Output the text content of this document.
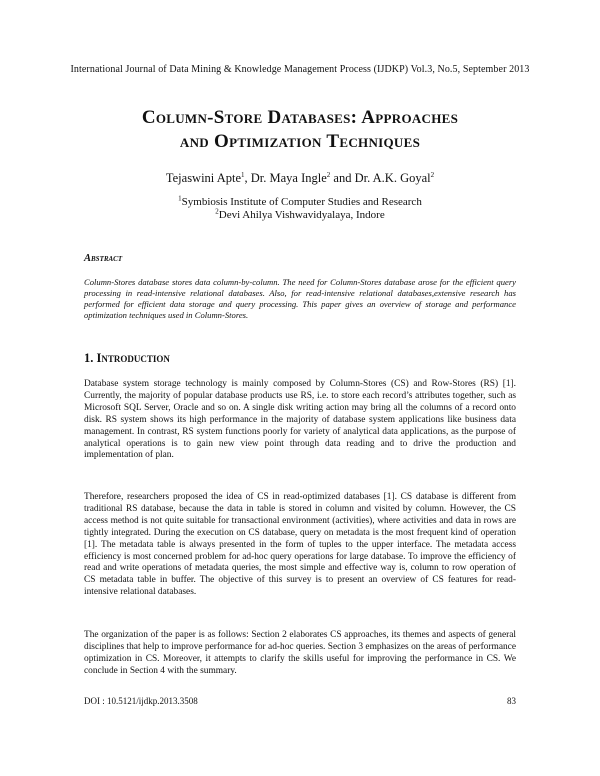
International Journal of Data Mining & Knowledge Management Process (IJDKP) Vol.3, No.5, September 2013
Column-Store Databases: Approaches
and Optimization Techniques
Tejaswini Apte$^1$, Dr. Maya Ingle$^2$ and Dr. A.K. Goyal$^2$
$^1$Symbiosis Institute of Computer Studies and Research
$^2$Devi Ahilya Vishwavidyalaya, Indore
Abstract
Column-Stores database stores data column-by-column. The need for Column-Stores database arose for the efficient query processing in read-intensive relational databases. Also, for read-intensive relational databases,extensive research has performed for efficient data storage and query processing. This paper gives an overview of storage and performance optimization techniques used in Column-Stores.
1. Introduction

Database system storage technology is mainly composed by Column-Stores (CS) and Row-Stores (RS) [1]. Currently, the majority of popular database products use RS, i.e. to store each record’s attributes together, such as Microsoft SQL Server, Oracle and so on. A single disk writing action may bring all the columns of a record onto disk. RS system shows its high performance in the majority of database system applications like business data management. In contrast, RS system functions poorly for variety of analytical data applications, as the purpose of analytical operations is to gain new view point through data reading and to drive the production and implementation of plan.

Therefore, researchers proposed the idea of CS in read-optimized databases [1]. CS database is different from traditional RS database, because the data in table is stored in column and visited by column. However, the CS access method is not quite suitable for transactional environment (activities), where activities and data in rows are tightly integrated. During the execution on CS database, query on metadata is the most frequent kind of operation [1]. The metadata table is always presented in the form of tuples to the upper interface. The metadata access efficiency is most concerned problem for ad-hoc query operations for large database. To improve the efficiency of read and write operations of metadata queries, the most simple and effective way is, column to row operation of CS metadata table in buffer. The objective of this survey is to present an overview of CS features for read-intensive relational databases.

The organization of the paper is as follows: Section 2 elaborates CS approaches, its themes and aspects of general disciplines that help to improve performance for ad-hoc queries. Section 3 emphasizes on the areas of performance optimization in CS. Moreover, it attempts to clarify the skills useful for improving the performance in CS. We conclude in Section 4 with the summary.

DOI : 10.5121/ijdkp.2013.3508	83
